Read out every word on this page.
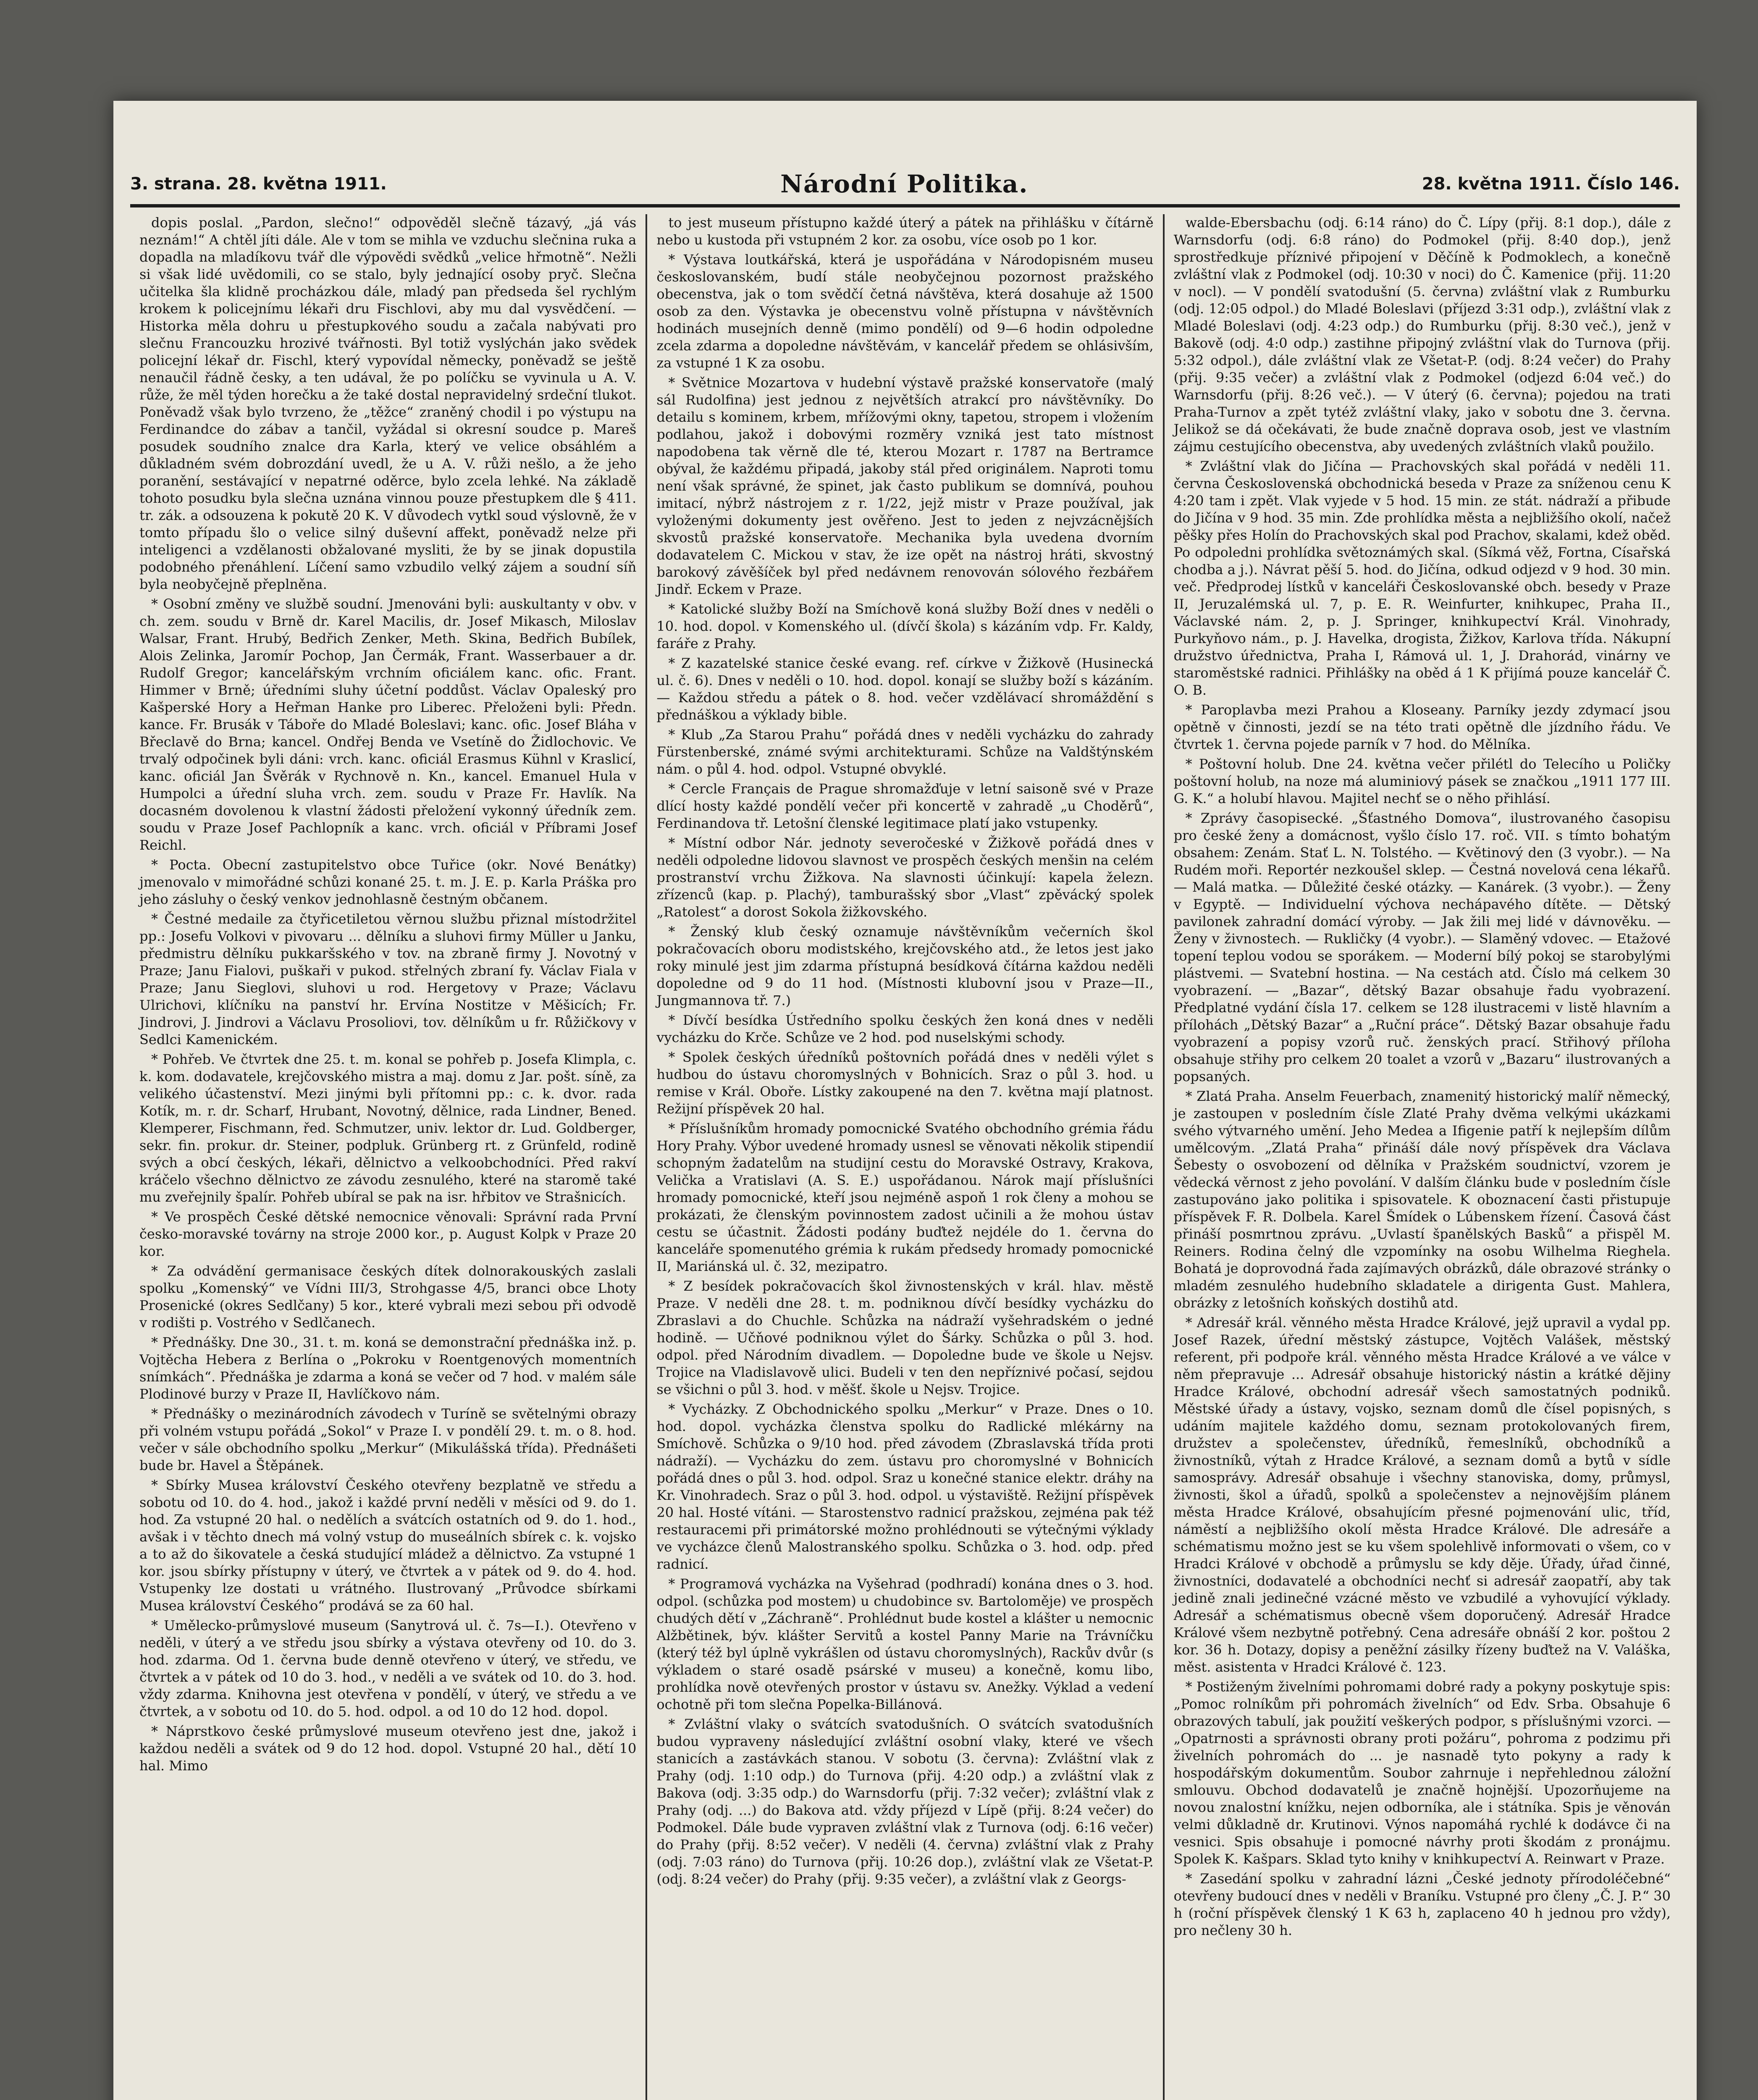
3. strana. 28. května 1911.	Národní Politika.	28. května 1911. Číslo 146.

dopis poslal. „Pardon, slečno!“ odpověděl slečně tázavý, „já vás neznám!“ A chtěl jíti dále. Ale v tom se mihla ve vzduchu slečnina ruka a dopadla na mladíkovu tvář dle výpovědi svědků „velice hřmotně“. Nežli si však lidé uvědomili, co se stalo, byly jednající osoby pryč. Slečna učitelka šla klidně procházkou dále, mladý pan předseda šel rychlým krokem k policejnímu lékaři dru Fischlovi, aby mu dal vysvědčení. — Historka měla dohru u přestupkového soudu a začala nabývati pro slečnu Francouzku hrozivé tvářnosti. Byl totiž vyslýchán jako svědek policejní lékař dr. Fischl, který vypovídal německy, poněvadž se ještě nenaučil řádně česky, a ten udával, že po políčku se vyvinula u A. V. růže, že měl týden horečku a že také dostal nepravidelný srdeční tlukot. Poněvadž však bylo tvrzeno, že „těžce“ zraněný chodil i po výstupu na Ferdinandce do zábav a tančil, vyžádal si okresní soudce p. Mareš posudek soudního znalce dra Karla, který ve velice obsáhlém a důkladném svém dobrozdání uvedl, že u A. V. růži nešlo, a že jeho poranění, sestávající v nepatrné oděrce, bylo zcela lehké. Na základě tohoto posudku byla slečna uznána vinnou pouze přestupkem dle § 411. tr. zák. a odsouzena k pokutě 20 K. V důvodech vytkl soud výslovně, že v tomto případu šlo o velice silný duševní affekt, poněvadž nelze při inteligenci a vzdělanosti obžalované mysliti, že by se jinak dopustila podobného přenáhlení. Líčení samo vzbudilo velký zájem a soudní síň byla neobyčejně přeplněna.

* Osobní změny ve službě soudní. Jmenováni byli: auskultanty v obv. v ch. zem. soudu v Brně dr. Karel Macilis, dr. Josef Mikasch, Miloslav Walsar, Frant. Hrubý, Bedřich Zenker, Meth. Skina, Bedřich Bubílek, Alois Zelinka, Jaromír Pochop, Jan Čermák, Frant. Wasserbauer a dr. Rudolf Gregor; kancelářským vrchním oficiálem kanc. ofic. Frant. Himmer v Brně; úředními sluhy účetní poddůst. Václav Opaleský pro Kašperské Hory a Heřman Hanke pro Liberec. Přeloženi byli: Předn. kance. Fr. Brusák v Táboře do Mladé Boleslavi; kanc. ofic. Josef Bláha v Břeclavě do Brna; kancel. Ondřej Benda ve Vsetíně do Židlochovic. Ve trvalý odpočinek byli dáni: vrch. kanc. oficiál Erasmus Kühnl v Kraslicí, kanc. oficiál Jan Švěrák v Rychnově n. Kn., kancel. Emanuel Hula v Humpolci a úřední sluha vrch. zem. soudu v Praze Fr. Havlík. Na docasném dovolenou k vlastní žádosti přeložení vykonný úředník zem. soudu v Praze Josef Pachlopník a kanc. vrch. oficiál v Příbrami Josef Reichl.

* Pocta. Obecní zastupitelstvo obce Tuřice (okr. Nové Benátky) jmenovalo v mimořádné schůzi konané 25. t. m. J. E. p. Karla Práška pro jeho zásluhy o český venkov jednohlasně čestným občanem.

* Čestné medaile za čtyřicetiletou věrnou službu přiznal místodržitel pp.: Josefu Volkovi v pivovaru ... dělníku a sluhovi firmy Müller u Janku, předmistru dělníku pukkaršského v tov. na zbraně firmy J. Novotný v Praze; Janu Fialovi, puškaři v pukod. střelných zbraní fy. Václav Fiala v Praze; Janu Sieglovi, sluhovi u rod. Hergetovy v Praze; Václavu Ulrichovi, klíčníku na panství hr. Ervína Nostitze v Měšicích; Fr. Jindrovi, J. Jindrovi a Václavu Prosoliovi, tov. dělníkům u fr. Růžičkovy v Sedlci Kamenickém.

* Pohřeb. Ve čtvrtek dne 25. t. m. konal se pohřeb p. Josefa Klimpla, c. k. kom. dodavatele, krejčovského mistra a maj. domu z Jar. pošt. síně, za velikého účastenství. Mezi jinými byli přítomni pp.: c. k. dvor. rada Kotík, m. r. dr. Scharf, Hrubant, Novotný, dělnice, rada Lindner, Bened. Klemperer, Fischmann, řed. Schmutzer, univ. lektor dr. Lud. Goldberger, sekr. fin. prokur. dr. Steiner, podpluk. Grünberg rt. z Grünfeld, rodině svých a obcí českých, lékaři, dělnictvo a velkoobchodníci. Před rakví kráčelo všechno dělnictvo ze závodu zesnulého, které na staromě také mu zveřejnily špalír. Pohřeb ubíral se pak na isr. hřbitov ve Strašnicích.

* Ve prospěch České dětské nemocnice věnovali: Správní rada První česko-moravské továrny na stroje 2000 kor., p. August Kolpk v Praze 20 kor.

* Za odvádění germanisace českých dítek dolnorakouských zaslali spolku „Komenský“ ve Vídni III/3, Strohgasse 4/5, branci obce Lhoty Prosenické (okres Sedlčany) 5 kor., které vybrali mezi sebou při odvodě v rodišti p. Vostrého v Sedlčanech.

* Přednášky. Dne 30., 31. t. m. koná se demonstrační přednáška inž. p. Vojtěcha Hebera z Berlína o „Pokroku v Roentgenových momentních snímkách“. Přednáška je zdarma a koná se večer od 7 hod. v malém sále Plodinové burzy v Praze II, Havlíčkovo nám.

* Přednášky o mezinárodních závodech v Turíně se světelnými obrazy při volném vstupu pořádá „Sokol“ v Praze I. v pondělí 29. t. m. o 8. hod. večer v sále obchodního spolku „Merkur“ (Mikulášská třída). Přednášeti bude br. Havel a Štěpánek.

* Sbírky Musea království Českého otevřeny bezplatně ve středu a sobotu od 10. do 4. hod., jakož i každé první neděli v měsíci od 9. do 1. hod. Za vstupné 20 hal. o nedělích a svátcích ostatních od 9. do 1. hod., avšak i v těchto dnech má volný vstup do museálních sbírek c. k. vojsko a to až do šikovatele a česká studující mládež a dělnictvo. Za vstupné 1 kor. jsou sbírky přístupny v úterý, ve čtvrtek a v pátek od 9. do 4. hod. Vstupenky lze dostati u vrátného. Ilustrovaný „Průvodce sbírkami Musea království Českého“ prodává se za 60 hal.

* Umělecko-průmyslové museum (Sanytrová ul. č. 7s—I.). Otevřeno v neděli, v úterý a ve středu jsou sbírky a výstava otevřeny od 10. do 3. hod. zdarma. Od 1. června bude denně otevřeno v úterý, ve středu, ve čtvrtek a v pátek od 10 do 3. hod., v neděli a ve svátek od 10. do 3. hod. vždy zdarma. Knihovna jest otevřena v pondělí, v úterý, ve středu a ve čtvrtek, a v sobotu od 10. do 5. hod. odpol. a od 10 do 12 hod. dopol.

* Náprstkovo české průmyslové museum otevřeno jest dne, jakož i každou neděli a svátek od 9 do 12 hod. dopol. Vstupné 20 hal., dětí 10 hal. Mimo

to jest museum přístupno každé úterý a pátek na přihlášku v čítárně nebo u kustoda při vstupném 2 kor. za osobu, více osob po 1 kor.

* Výstava loutkářská, která je uspořádána v Národopisném museu českoslovanském, budí stále neobyčejnou pozornost pražského obecenstva, jak o tom svědčí četná návštěva, která dosahuje až 1500 osob za den. Výstavka je obecenstvu volně přístupna v návštěvních hodinách musejních denně (mimo pondělí) od 9—6 hodin odpoledne zcela zdarma a dopoledne návštěvám, v kancelář předem se ohlásivším, za vstupné 1 K za osobu.

* Světnice Mozartova v hudební výstavě pražské konservatoře (malý sál Rudolfina) jest jednou z největších atrakcí pro návštěvníky. Do detailu s kominem, krbem, mřížovými okny, tapetou, stropem i vložením podlahou, jakož i dobovými rozměry vzniká jest tato místnost napodobena tak věrně dle té, kterou Mozart r. 1787 na Bertramce obýval, že každému připadá, jakoby stál před originálem. Naproti tomu není však správné, že spinet, jak často publikum se domnívá, pouhou imitací, nýbrž nástrojem z r. 1/22, jejž mistr v Praze používal, jak vyloženými dokumenty jest ověřeno. Jest to jeden z nejvzácnějších skvostů pražské konservatoře. Mechanika byla uvedena dvorním dodavatelem C. Mickou v stav, že ize opět na nástroj hráti, skvostný barokový závěšíček byl před nedávnem renovován sólového řezbářem Jindř. Eckem v Praze.

* Katolické služby Boží na Smíchově koná služby Boží dnes v neděli o 10. hod. dopol. v Komenského ul. (dívčí škola) s kázáním vdp. Fr. Kaldy, faráře z Prahy.

* Z kazatelské stanice české evang. ref. církve v Žižkově (Husinecká ul. č. 6). Dnes v neděli o 10. hod. dopol. konají se služby boží s kázáním. — Každou středu a pátek o 8. hod. večer vzdělávací shromáždění s přednáškou a výklady bible.

* Klub „Za Starou Prahu“ pořádá dnes v neděli vycházku do zahrady Fürstenberské, známé svými architekturami. Schůze na Valdštýnském nám. o půl 4. hod. odpol. Vstupné obvyklé.

* Cercle Français de Prague shromažďuje v letní saisoně své v Praze dlící hosty každé pondělí večer při koncertě v zahradě „u Choděrů“, Ferdinandova tř. Letošní členské legitimace platí jako vstupenky.

* Místní odbor Nár. jednoty severočeské v Žižkově pořádá dnes v neděli odpoledne lidovou slavnost ve prospěch českých menšin na celém prostranství vrchu Žižkova. Na slavnosti účinkují: kapela železn. zřízenců (kap. p. Plachý), tamburašský sbor „Vlast“ zpěvácký spolek „Ratolest“ a dorost Sokola žižkovského.

* Ženský klub český oznamuje návštěvníkům večerních škol pokračovacích oboru modistského, krejčovského atd., že letos jest jako roky minulé jest jim zdarma přístupná besídková čítárna každou neděli dopoledne od 9 do 11 hod. (Místnosti klubovní jsou v Praze—II., Jungmannova tř. 7.)

* Dívčí besídka Ústředního spolku českých žen koná dnes v neděli vycházku do Krče. Schůze ve 2 hod. pod nuselskými schody.

* Spolek českých úředníků poštovních pořádá dnes v neděli výlet s hudbou do ústavu choromyslných v Bohnicích. Sraz o půl 3. hod. u remise v Král. Oboře. Lístky zakoupené na den 7. května mají platnost. Režijní příspěvek 20 hal.

* Příslušníkům hromady pomocnické Svatého obchodního grémia řádu Hory Prahy. Výbor uvedené hromady usnesl se věnovati několik stipendií schopným žadatelům na studijní cestu do Moravské Ostravy, Krakova, Velička a Vratislavi (A. S. E.) uspořádanou. Nárok mají příslušníci hromady pomocnické, kteří jsou nejméně aspoň 1 rok členy a mohou se prokázati, že členským povinnostem zadost učinili a že mohou ústav cestu se účastnit. Žádosti podány buďtež nejdéle do 1. června do kanceláře spomenutého grémia k rukám předsedy hromady pomocnické II, Mariánská ul. č. 32, mezipatro.

* Z besídek pokračovacích škol živnostenských v král. hlav. městě Praze. V neděli dne 28. t. m. podniknou dívčí besídky vycházku do Zbraslavi a do Chuchle. Schůzka na nádraží vyšehradském o jedné hodině. — Učňové podniknou výlet do Šárky. Schůzka o půl 3. hod. odpol. před Národním divadlem. — Dopoledne bude ve škole u Nejsv. Trojice na Vladislavově ulici. Budeli v ten den nepříznivé počasí, sejdou se všichni o půl 3. hod. v měšť. škole u Nejsv. Trojice.

* Vycházky. Z Obchodnického spolku „Merkur“ v Praze. Dnes o 10. hod. dopol. vycházka členstva spolku do Radlické mlékárny na Smíchově. Schůzka o 9/10 hod. před závodem (Zbraslavská třída proti nádraží). — Vycházku do zem. ústavu pro choromyslné v Bohnicích pořádá dnes o půl 3. hod. odpol. Sraz u konečné stanice elektr. dráhy na Kr. Vinohradech. Sraz o půl 3. hod. odpol. u výstaviště. Režijní příspěvek 20 hal. Hosté vítáni. — Starostenstvo radnicí pražskou, zejména pak též restauracemi při primátorské možno prohlédnouti se výtečnými výklady ve vycházce členů Malostranského spolku. Schůzka o 3. hod. odp. před radnicí.

* Programová vycházka na Vyšehrad (podhradí) konána dnes o 3. hod. odpol. (schůzka pod mostem) u chudobince sv. Bartoloměje) ve prospěch chudých dětí v „Záchraně“. Prohlédnut bude kostel a klášter u nemocnic Alžbětinek, býv. klášter Servitů a kostel Panny Marie na Trávníčku (který též byl úplně vykrášlen od ústavu choromyslných), Rackův dvůr (s výkladem o staré osadě psárské v museu) a konečně, komu libo, prohlídka nově otevřených prostor v ústavu sv. Anežky. Výklad a vedení ochotně při tom slečna Popelka-Billánová.

* Zvláštní vlaky o svátcích svatodušních. O svátcích svatodušních budou vypraveny následující zvláštní osobní vlaky, které ve všech stanicích a zastávkách stanou. V sobotu (3. června): Zvláštní vlak z Prahy (odj. 1:10 odp.) do Turnova (přij. 4:20 odp.) a zvláštní vlak z Bakova (odj. 3:35 odp.) do Warnsdorfu (přij. 7:32 večer); zvláštní vlak z Prahy (odj. ...) do Bakova atd. vždy příjezd v Lípě (přij. 8:24 večer) do Podmokel. Dále bude vypraven zvláštní vlak z Turnova (odj. 6:16 večer) do Prahy (přij. 8:52 večer). V neděli (4. června) zvláštní vlak z Prahy (odj. 7:03 ráno) do Turnova (přij. 10:26 dop.), zvláštní vlak ze Všetat-P. (odj. 8:24 večer) do Prahy (přij. 9:35 večer), a zvláštní vlak z Georgs-

walde-Ebersbachu (odj. 6:14 ráno) do Č. Lípy (přij. 8:1 dop.), dále z Warnsdorfu (odj. 6:8 ráno) do Podmokel (přij. 8:40 dop.), jenž sprostředkuje příznivé připojení v Děčíně k Podmoklech, a konečně zvláštní vlak z Podmokel (odj. 10:30 v noci) do Č. Kamenice (přij. 11:20 v nocl). — V pondělí svatodušní (5. června) zvláštní vlak z Rumburku (odj. 12:05 odpol.) do Mladé Boleslavi (příjezd 3:31 odp.), zvláštní vlak z Mladé Boleslavi (odj. 4:23 odp.) do Rumburku (přij. 8:30 več.), jenž v Bakově (odj. 4:0 odp.) zastihne připojný zvláštní vlak do Turnova (přij. 5:32 odpol.), dále zvláštní vlak ze Všetat-P. (odj. 8:24 večer) do Prahy (přij. 9:35 večer) a zvláštní vlak z Podmokel (odjezd 6:04 več.) do Warnsdorfu (přij. 8:26 več.). — V úterý (6. června); pojedou na trati Praha-Turnov a zpět tytéž zvláštní vlaky, jako v sobotu dne 3. června. Jelikož se dá očekávati, že bude značně doprava osob, jest ve vlastním zájmu cestujícího obecenstva, aby uvedených zvláštních vlaků použilo.

* Zvláštní vlak do Jičína — Prachovských skal pořádá v neděli 11. června Československá obchodnická beseda v Praze za sníženou cenu K 4:20 tam i zpět. Vlak vyjede v 5 hod. 15 min. ze stát. nádraží a přibude do Jičína v 9 hod. 35 min. Zde prohlídka města a nejbližšího okolí, načež pěšky přes Holín do Prachovských skal pod Prachov, skalami, kdež oběd. Po odpoledni prohlídka světoznámých skal. (Síkmá věž, Fortna, Císařská chodba a j.). Návrat pěší 5. hod. do Jičína, odkud odjezd v 9 hod. 30 min. več. Předprodej lístků v kanceláři Českoslovanské obch. besedy v Praze II, Jeruzalémská ul. 7, p. E. R. Weinfurter, knihkupec, Praha II., Václavské nám. 2, p. J. Springer, knihkupectví Král. Vinohrady, Purkyňovo nám., p. J. Havelka, drogista, Žižkov, Karlova třída. Nákupní družstvo úřednictva, Praha I, Rámová ul. 1, J. Drahorád, vinárny ve staroměstské radnici. Přihlášky na oběd á 1 K přijímá pouze kancelář Č. O. B.

* Paroplavba mezi Prahou a Kloseany. Parníky jezdy zdymací jsou opětně v činnosti, jezdí se na této trati opětně dle jízdního řádu. Ve čtvrtek 1. června pojede parník v 7 hod. do Mělníka.

* Poštovní holub. Dne 24. května večer přilétl do Telecího u Poličky poštovní holub, na noze má aluminiový pásek se značkou „1911 177 III. G. K.“ a holubí hlavou. Majitel nechť se o něho přihlásí.

* Zprávy časopisecké. „Šťastného Domova“, ilustrovaného časopisu pro české ženy a domácnost, vyšlo číslo 17. roč. VII. s tímto bohatým obsahem: Zenám. Stať L. N. Tolstého. — Květinový den (3 vyobr.). — Na Rudém moři. Reportér nezkoušel sklep. — Čestná novelová cena lékařů. — Malá matka. — Důležité české otázky. — Kanárek. (3 vyobr.). — Ženy v Egyptě. — Individuelní výchova nechápavého dítěte. — Dětský pavilonek zahradní domácí výroby. — Jak žili mej lidé v dávnověku. — Ženy v živnostech. — Rukličky (4 vyobr.). — Slaměný vdovec. — Etažové topení teplou vodou se sporákem. — Moderní bílý pokoj se starobylými plástvemi. — Svatební hostina. — Na cestách atd. Číslo má celkem 30 vyobrazení. — „Bazar“, dětský Bazar obsahuje řadu vyobrazení. Předplatné vydání čísla 17. celkem se 128 ilustracemi v listě hlavním a přílohách „Dětský Bazar“ a „Ruční práce“. Dětský Bazar obsahuje řadu vyobrazení a popisy vzorů ruč. ženských prací. Střihový příloha obsahuje střihy pro celkem 20 toalet a vzorů v „Bazaru“ ilustrovaných a popsaných.

* Zlatá Praha. Anselm Feuerbach, znamenitý historický malíř německý, je zastoupen v posledním čísle Zlaté Prahy dvěma velkými ukázkami svého výtvarného umění. Jeho Medea a Ifigenie patří k nejlepším dílům umělcovým. „Zlatá Praha“ přináší dále nový příspěvek dra Václava Šebesty o osvobození od dělníka v Pražském soudnictví, vzorem je vědecká věrnost z jeho povolání. V dalším článku bude v posledním čísle zastupováno jako politika i spisovatele. K oboznacení časti přistupuje příspěvek F. R. Dolbela. Karel Šmídek o Lúbenskem řízení. Časová část přináší posmrtnou zprávu. „Uvlastí španělských Basků“ a přispěl M. Reiners. Rodina čelný dle vzpomínky na osobu Wilhelma Rieghela. Bohatá je doprovodná řada zajímavých obrázků, dále obrazové stránky o mladém zesnulého hudebního skladatele a dirigenta Gust. Mahlera, obrázky z letošních koňských dostihů atd.

* Adresář král. věnného města Hradce Králové, jejž upravil a vydal pp. Josef Razek, úřední městský zástupce, Vojtěch Valášek, městský referent, při podpoře král. věnného města Hradce Králové a ve válce v něm přepravuje ... Adresář obsahuje historický nástin a krátké dějiny Hradce Králové, obchodní adresář všech samostatných podniků. Městské úřady a ústavy, vojsko, seznam domů dle čísel popisných, s udáním majitele každého domu, seznam protokolovaných firem, družstev a společenstev, úředníků, řemeslníků, obchodníků a živnostníků, výtah z Hradce Králové, a seznam domů a bytů v sídle samosprávy. Adresář obsahuje i všechny stanoviska, domy, průmysl, živnosti, škol a úřadů, spolků a společenstev a nejnovějším plánem města Hradce Králové, obsahujícím přesné pojmenování ulic, tříd, náměstí a nejbližšího okolí města Hradce Králové. Dle adresáře a schématismu možno jest se ku všem spolehlivě informovati o všem, co v Hradci Králové v obchodě a průmyslu se kdy děje. Úřady, úřad činné, živnostníci, dodavatelé a obchodníci nechť si adresář zaopatří, aby tak jedině znali jedinečné vzácné město ve vzbudilé a vyhovující výklady. Adresář a schématismus obecně všem doporučený. Adresář Hradce Králové všem nezbytně potřebný. Cena adresáře obnáší 2 kor. poštou 2 kor. 36 h. Dotazy, dopisy a peněžní zásilky řízeny buďtež na V. Valáška, měst. asistenta v Hradci Králové č. 123.

* Postiženým živelními pohromami dobré rady a pokyny poskytuje spis: „Pomoc rolníkům při pohromách živelních“ od Edv. Srba. Obsahuje 6 obrazových tabulí, jak použití veškerých podpor, s příslušnými vzorci. — „Opatrnosti a správnosti obrany proti požáru“, pohroma z podzimu při živelních pohromách do ... je nasnadě tyto pokyny a rady k hospodářským dokumentům. Soubor zahrnuje i nepřehlednou záložní smlouvu. Obchod dodavatelů je značně hojnější. Upozorňujeme na novou znalostní knížku, nejen odborníka, ale i státníka. Spis je věnován velmi důkladně dr. Krutinovi. Výnos napomáhá rychlé k dodávce či na vesnici. Spis obsahuje i pomocné návrhy proti škodám z pronájmu. Spolek K. Kašpars. Sklad tyto knihy v knihkupectví A. Reinwart v Praze.

* Zasedání spolku v zahradní lázni „České jednoty přírodoléčebné“ otevřeny budoucí dnes v neděli v Braníku. Vstupné pro členy „Č. J. P.“ 30 h (roční příspěvek členský 1 K 63 h, zaplaceno 40 h jednou pro vždy), pro nečleny 30 h.
